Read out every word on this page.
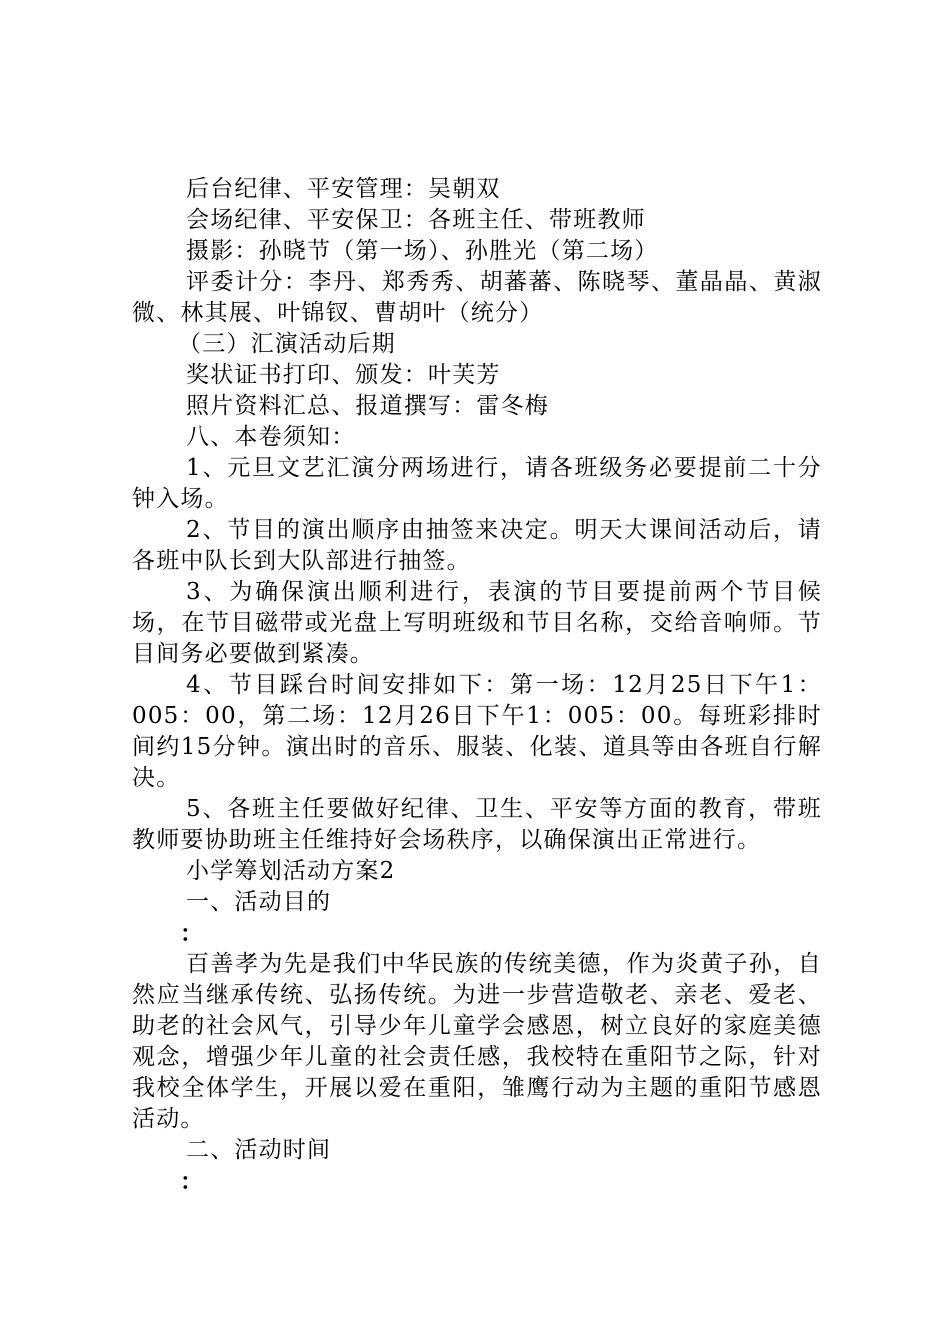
后台纪律、平安管理：吴朝双

会场纪律、平安保卫：各班主任、带班教师

摄影：孙晓节（第一场）、孙胜光（第二场）

评委计分：李丹、郑秀秀、胡蕃蕃、陈晓琴、董晶晶、黄淑微、林其展、叶锦钗、曹胡叶（统分）

（三）汇演活动后期

奖状证书打印、颁发：叶芙芳

照片资料汇总、报道撰写：雷冬梅

八、本卷须知：

1、元旦文艺汇演分两场进行，请各班级务必要提前二十分钟入场。

2、节目的演出顺序由抽签来决定。明天大课间活动后，请各班中队长到大队部进行抽签。

3、为确保演出顺利进行，表演的节目要提前两个节目候场，在节目磁带或光盘上写明班级和节目名称，交给音响师。节目间务必要做到紧凑。

4、节目踩台时间安排如下：第一场：12月25日下午1：005：00，第二场：12月26日下午1：005：00。每班彩排时间约15分钟。演出时的音乐、服装、化装、道具等由各班自行解决。

5、各班主任要做好纪律、卫生、平安等方面的教育，带班教师要协助班主任维持好会场秩序，以确保演出正常进行。

小学筹划活动方案2

一、活动目的

：

百善孝为先是我们中华民族的传统美德，作为炎黄子孙，自然应当继承传统、弘扬传统。为进一步营造敬老、亲老、爱老、助老的社会风气，引导少年儿童学会感恩，树立良好的家庭美德观念，增强少年儿童的社会责任感，我校特在重阳节之际，针对我校全体学生，开展以爱在重阳，雏鹰行动为主题的重阳节感恩活动。

二、活动时间

：
